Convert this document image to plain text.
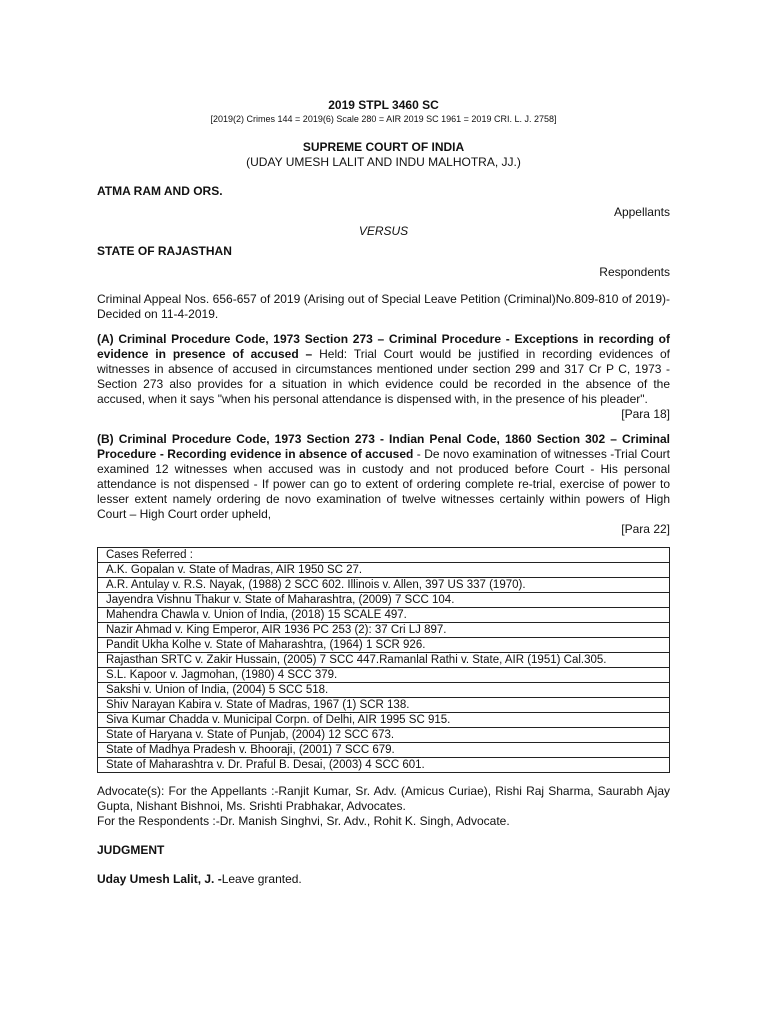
2019 STPL 3460 SC

[2019(2) Crimes 144 = 2019(6) Scale 280 = AIR 2019 SC 1961 = 2019 CRI. L. J. 2758]

SUPREME COURT OF INDIA

(UDAY UMESH LALIT AND INDU MALHOTRA, JJ.)

ATMA RAM AND ORS.
Appellants
VERSUS
STATE OF RAJASTHAN
Respondents
Criminal Appeal Nos. 656-657 of 2019 (Arising out of Special Leave Petition (Criminal)No.809-810 of 2019)-Decided on 11-4-2019.
(A) Criminal Procedure Code, 1973 Section 273 – Criminal Procedure - Exceptions in recording of evidence in presence of accused – Held: Trial Court would be justified in recording evidences of witnesses in absence of accused in circumstances mentioned under section 299 and 317 Cr P C, 1973 - Section 273 also provides for a situation in which evidence could be recorded in the absence of the accused, when it says "when his personal attendance is dispensed with, in the presence of his pleader".
[Para 18]
(B) Criminal Procedure Code, 1973 Section 273 - Indian Penal Code, 1860 Section 302 – Criminal Procedure - Recording evidence in absence of accused - De novo examination of witnesses -Trial Court examined 12 witnesses when accused was in custody and not produced before Court - His personal attendance is not dispensed - If power can go to extent of ordering complete re-trial, exercise of power to lesser extent namely ordering de novo examination of twelve witnesses certainly within powers of High Court – High Court order upheld,
[Para 22]
Cases Referred :
A.K. Gopalan v. State of Madras, AIR 1950 SC 27.
A.R. Antulay v. R.S. Nayak, (1988) 2 SCC 602. Illinois v. Allen, 397 US 337 (1970).
Jayendra Vishnu Thakur v. State of Maharashtra, (2009) 7 SCC 104.
Mahendra Chawla v. Union of India, (2018) 15 SCALE 497.
Nazir Ahmad v. King Emperor, AIR 1936 PC 253 (2): 37 Cri LJ 897.
Pandit Ukha Kolhe v. State of Maharashtra, (1964) 1 SCR 926.
Rajasthan SRTC v. Zakir Hussain, (2005) 7 SCC 447.Ramanlal Rathi v. State, AIR (1951) Cal.305.
S.L. Kapoor v. Jagmohan, (1980) 4 SCC 379.
Sakshi v. Union of India, (2004) 5 SCC 518.
Shiv Narayan Kabira v. State of Madras, 1967 (1) SCR 138.
Siva Kumar Chadda v. Municipal Corpn. of Delhi, AIR 1995 SC 915.
State of Haryana v. State of Punjab, (2004) 12 SCC 673.
State of Madhya Pradesh v. Bhooraji, (2001) 7 SCC 679.
State of Maharashtra v. Dr. Praful B. Desai, (2003) 4 SCC 601.
Advocate(s): For the Appellants :-Ranjit Kumar, Sr. Adv. (Amicus Curiae), Rishi Raj Sharma, Saurabh Ajay Gupta, Nishant Bishnoi, Ms. Srishti Prabhakar, Advocates.
For the Respondents :-Dr. Manish Singhvi, Sr. Adv., Rohit K. Singh, Advocate.
JUDGMENT
Uday Umesh Lalit, J. -Leave granted.
